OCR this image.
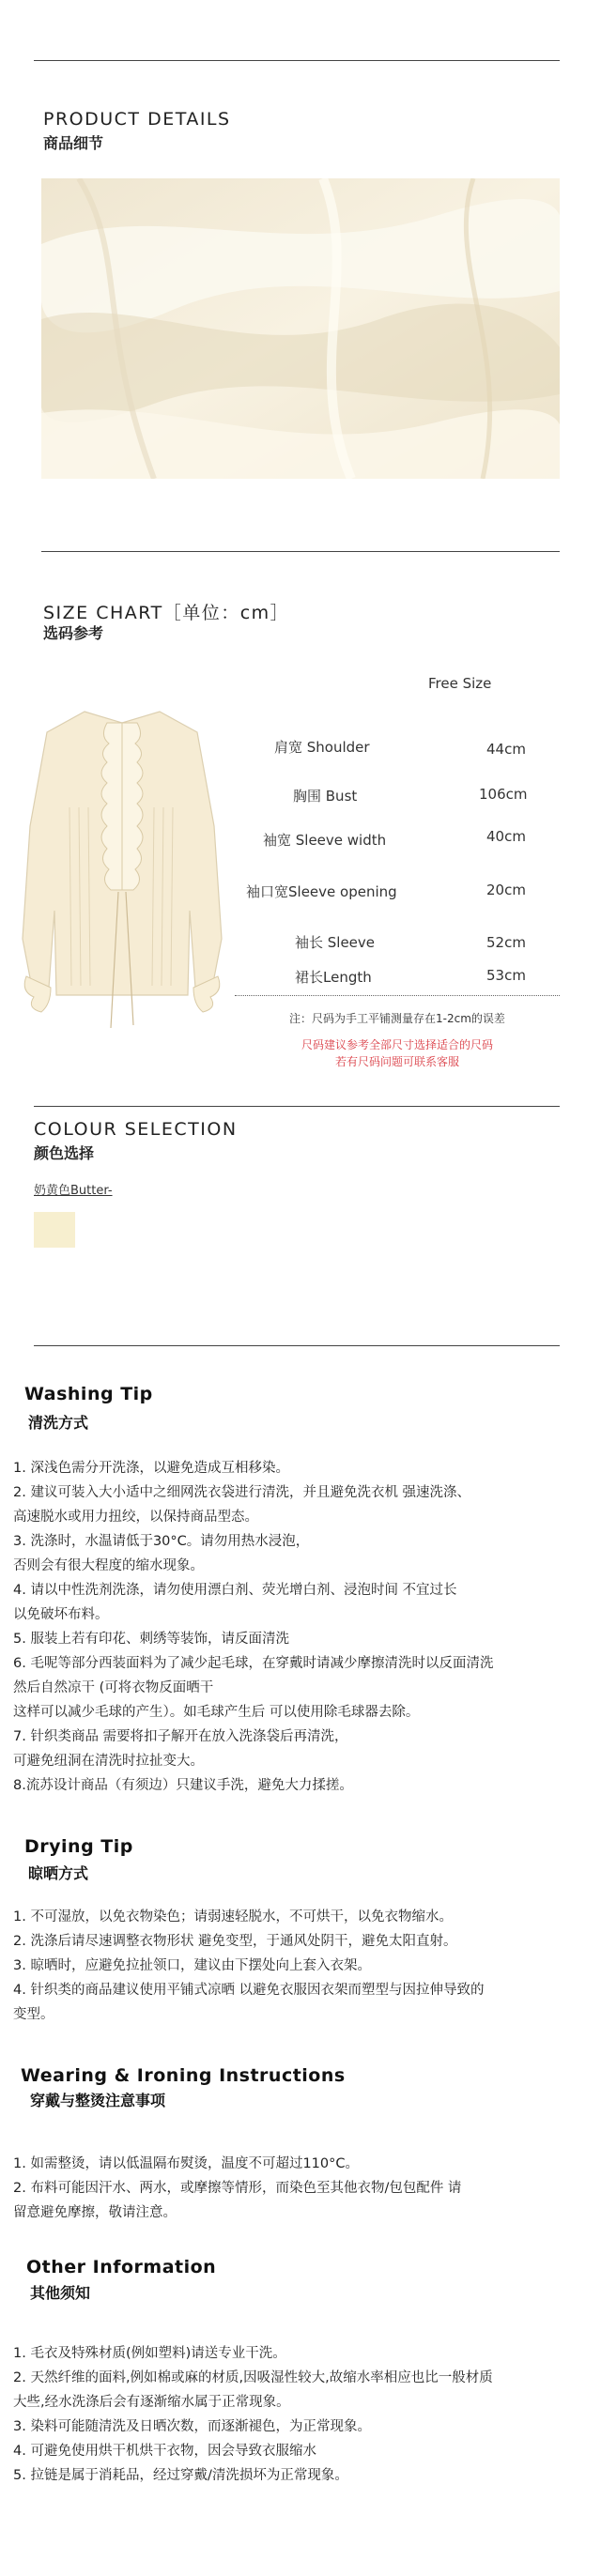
PRODUCT DETAILS
商品细节
SIZE CHART［单位：cm］
选码参考
Free Size
肩宽 Shoulder	44cm
胸围 Bust	106cm
袖宽 Sleeve width	40cm
袖口宽Sleeve opening	20cm
袖长 Sleeve	52cm
裙长Length	53cm
注：尺码为手工平铺测量存在1-2cm的误差
尺码建议参考全部尺寸选择适合的尺码
若有尺码问题可联系客服
COLOUR SELECTION
颜色选择
奶黄色Butter-
Washing Tip
清洗方式
1. 深浅色需分开洗涤，以避免造成互相移染。
2. 建议可装入大小适中之细网洗衣袋进行清洗，并且避免洗衣机 强速洗涤、
高速脱水或用力扭绞，以保持商品型态。
3. 洗涤时，水温请低于30°C。请勿用热水浸泡，
否则会有很大程度的缩水现象。
4. 请以中性洗剂洗涤，请勿使用漂白剂、荧光增白剂、浸泡时间 不宜过长
以免破坏布料。
5. 服装上若有印花、刺绣等装饰，请反面清洗
6. 毛呢等部分西装面料为了减少起毛球，在穿戴时请减少摩擦清洗时以反面清洗
然后自然凉干 (可将衣物反面晒干
这样可以减少毛球的产生）。如毛球产生后 可以使用除毛球器去除。
7. 针织类商品 需要将扣子解开在放入洗涤袋后再清洗，
可避免纽洞在清洗时拉扯变大。
8.流苏设计商品（有须边）只建议手洗，避免大力揉搓。
Drying Tip
晾晒方式
1. 不可湿放，以免衣物染色；请弱速轻脱水，不可烘干，以免衣物缩水。
2. 洗涤后请尽速调整衣物形状 避免变型，于通风处阴干，避免太阳直射。
3. 晾晒时，应避免拉扯领口，建议由下摆处向上套入衣架。
4. 针织类的商品建议使用平铺式凉晒 以避免衣服因衣架而塑型与因拉伸导致的
变型。
Wearing & Ironing Instructions
穿戴与整烫注意事项
1. 如需整烫，请以低温隔布熨烫，温度不可超过110°C。
2. 布料可能因汗水、两水，或摩擦等情形，而染色至其他衣物/包包配件 请
留意避免摩擦，敬请注意。
Other Information
其他须知
1. 毛衣及特殊材质(例如塑料)请送专业干洗。
2. 天然纤维的面料,例如棉或麻的材质,因吸湿性较大,故缩水率相应也比一般材质
大些,经水洗涤后会有逐渐缩水属于正常现象。
3. 染料可能随清洗及日晒次数，而逐渐褪色，为正常现象。
4. 可避免使用烘干机烘干衣物，因会导致衣服缩水
5. 拉链是属于消耗品，经过穿戴/清洗损坏为正常现象。
